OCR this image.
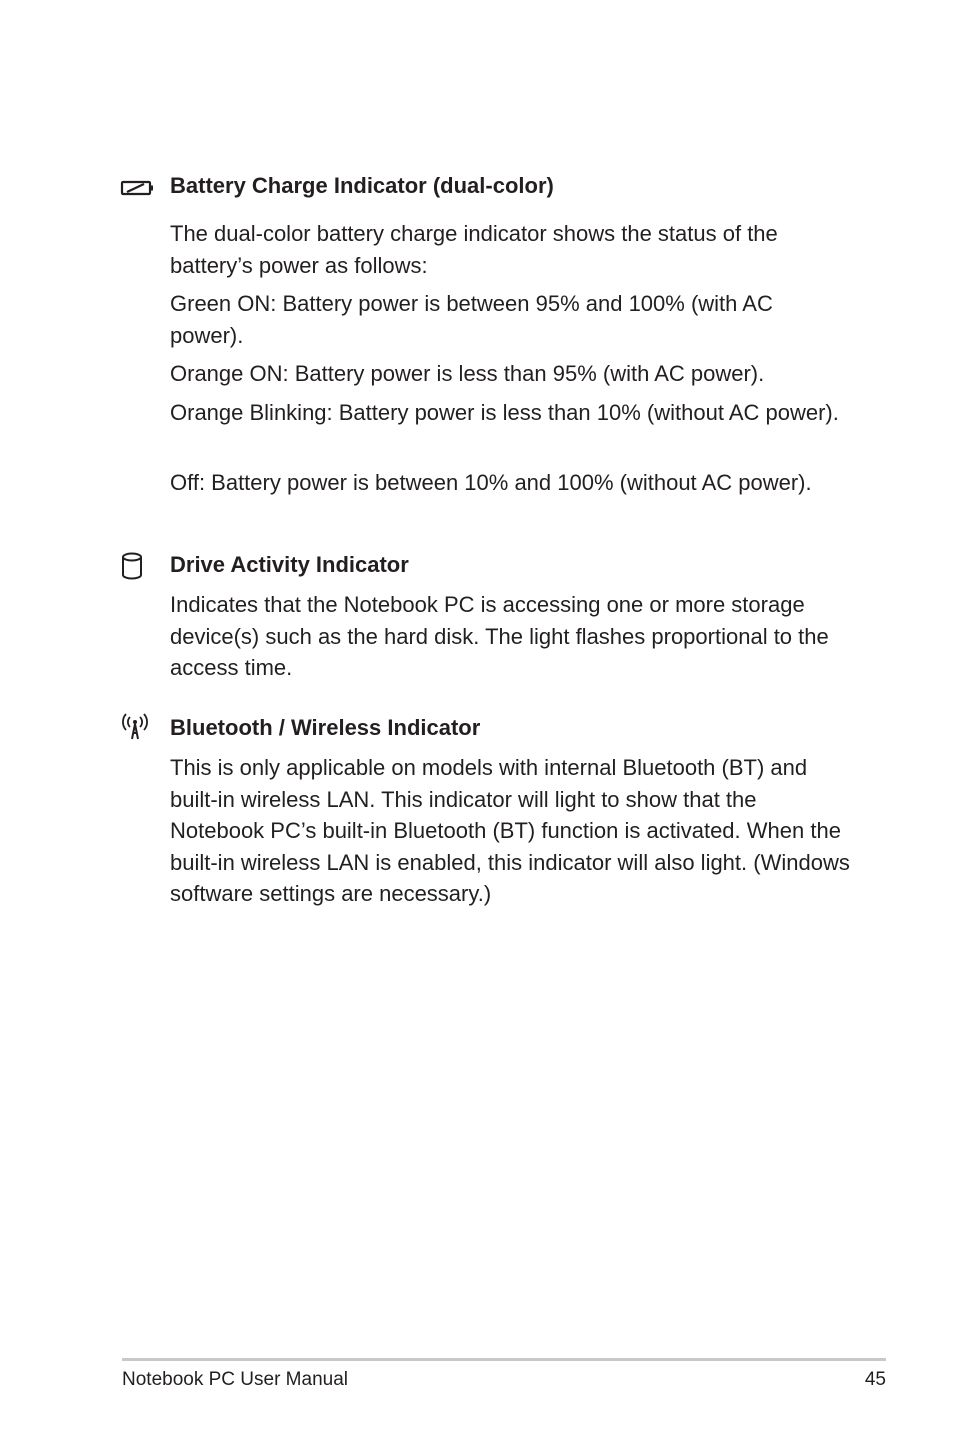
Battery Charge Indicator (dual-color)

The dual-color battery charge indicator shows the status of the battery’s power as follows:

Green ON: Battery power is between 95% and 100% (with AC power).

Orange ON: Battery power is less than 95% (with AC power).

Orange Blinking: Battery power is less than 10% (without AC power).

Off: Battery power is between 10% and 100% (without AC power).

Drive Activity Indicator

Indicates that the Notebook PC is accessing one or more storage device(s) such as the hard disk. The light flashes proportional to the access time.

Bluetooth / Wireless Indicator

This is only applicable on models with internal Bluetooth (BT) and built-in wireless LAN. This indicator will light to show that the Notebook PC’s built-in Bluetooth (BT) function is activated. When the built-in wireless LAN is enabled, this indicator will also light. (Windows software settings are necessary.)

Notebook PC User Manual	45
